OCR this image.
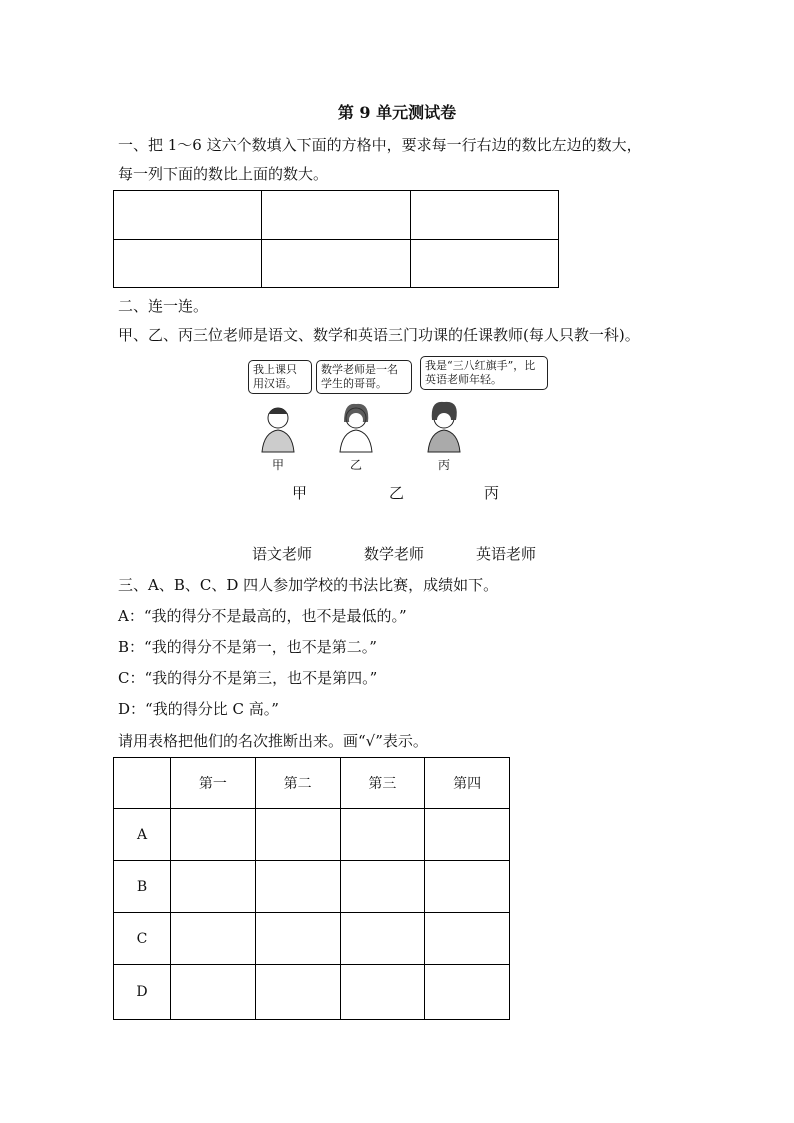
第 9 单元测试卷
一、把 1～6 这六个数填入下面的方格中，要求每一行右边的数比左边的数大，
每一列下面的数比上面的数大。

二、连一连。
甲、乙、丙三位老师是语文、数学和英语三门功课的任课教师(每人只教一科)。
我上课只用汉语。
数学老师是一名学生的哥哥。
我是“三八红旗手”，比英语老师年轻。
甲	乙	丙
甲	乙	丙
语文老师	数学老师	英语老师
三、A、B、C、D 四人参加学校的书法比赛，成绩如下。
A：“我的得分不是最高的，也不是最低的。”
B：“我的得分不是第一，也不是第二。”
C：“我的得分不是第三，也不是第四。”
D：“我的得分比 C 高。”
请用表格把他们的名次推断出来。画“√”表示。
	第一	第二	第三	第四
A				
B				
C				
D				
